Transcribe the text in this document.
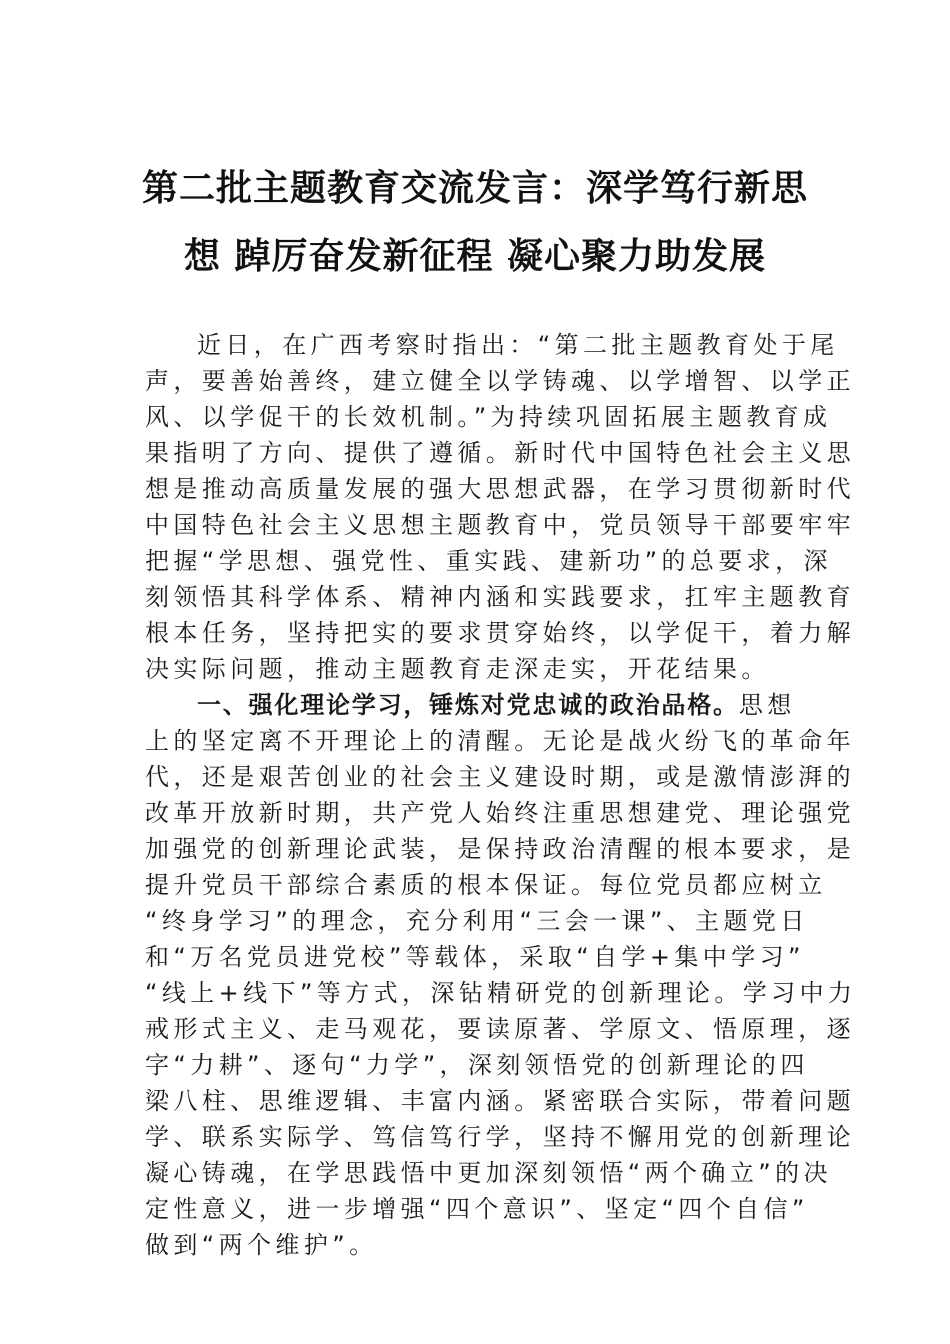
第二批主题教育交流发言：深学笃行新思
想 踔厉奋发新征程 凝心聚力助发展
近日，在广西考察时指出：“第二批主题教育处于尾
声，要善始善终，建立健全以学铸魂、以学增智、以学正
风、以学促干的长效机制。”为持续巩固拓展主题教育成
果指明了方向、提供了遵循。新时代中国特色社会主义思
想是推动高质量发展的强大思想武器，在学习贯彻新时代
中国特色社会主义思想主题教育中，党员领导干部要牢牢
把握“学思想、强党性、重实践、建新功”的总要求，深
刻领悟其科学体系、精神内涵和实践要求，扛牢主题教育
根本任务，坚持把实的要求贯穿始终，以学促干，着力解
决实际问题，推动主题教育走深走实，开花结果。
一、强化理论学习，锤炼对党忠诚的政治品格。思想
上的坚定离不开理论上的清醒。无论是战火纷飞的革命年
代，还是艰苦创业的社会主义建设时期，或是激情澎湃的
改革开放新时期，共产党人始终注重思想建党、理论强党
加强党的创新理论武装，是保持政治清醒的根本要求，是
提升党员干部综合素质的根本保证。每位党员都应树立
“终身学习”的理念，充分利用“三会一课”、主题党日
和“万名党员进党校”等载体，采取“自学+集中学习”
“线上+线下”等方式，深钻精研党的创新理论。学习中力
戒形式主义、走马观花，要读原著、学原文、悟原理，逐
字“力耕”、逐句“力学”，深刻领悟党的创新理论的四
梁八柱、思维逻辑、丰富内涵。紧密联合实际，带着问题
学、联系实际学、笃信笃行学，坚持不懈用党的创新理论
凝心铸魂，在学思践悟中更加深刻领悟“两个确立”的决
定性意义，进一步增强“四个意识”、坚定“四个自信”
做到“两个维护”。
